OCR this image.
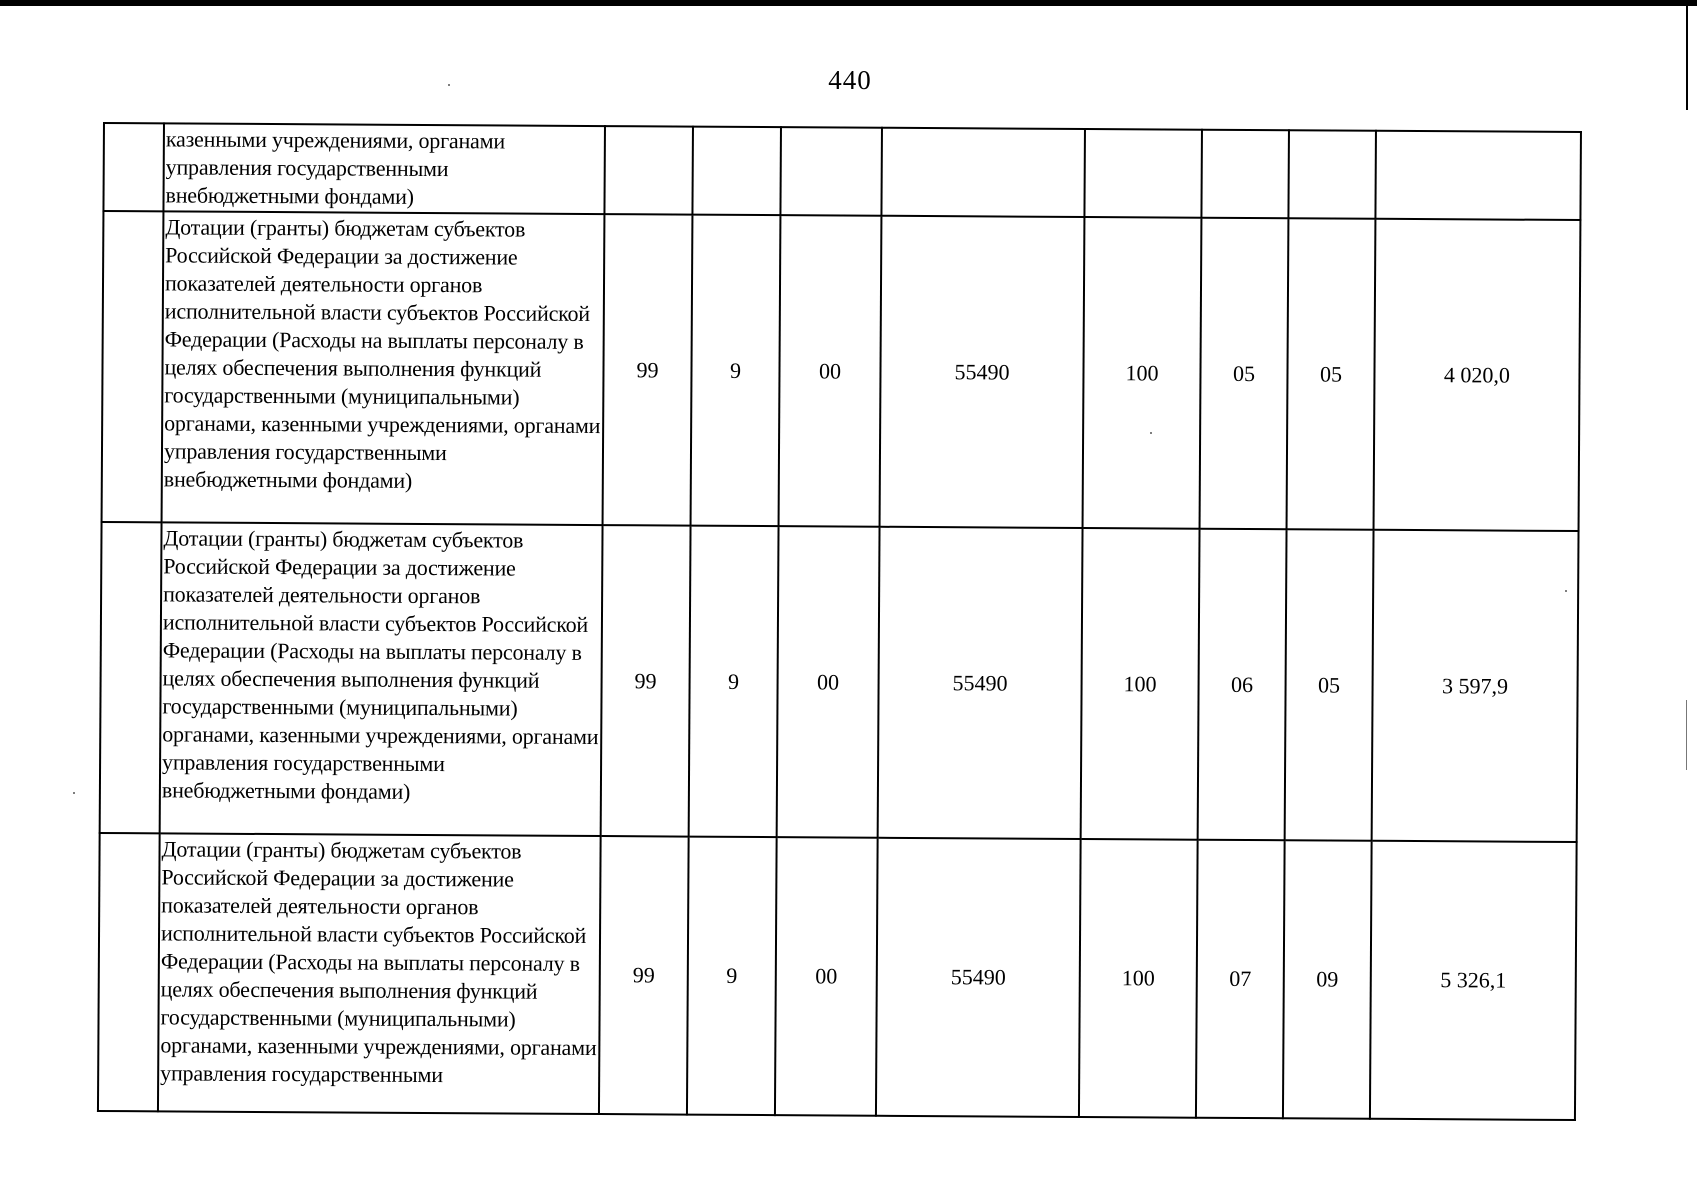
440
	казенными учреждениями, органами управления государственными внебюджетными фондами)								
	Дотации (гранты) бюджетам субъектов Российской Федерации за достижение показателей деятельности органов исполнительной власти субъектов Российской Федерации (Расходы на выплаты персоналу в целях обеспечения выполнения функций государственными (муниципальными) органами, казенными учреждениями, органами управления государственными внебюджетными фондами)	99	9	00	55490	100	05	05	4 020,0
	Дотации (гранты) бюджетам субъектов Российской Федерации за достижение показателей деятельности органов исполнительной власти субъектов Российской Федерации (Расходы на выплаты персоналу в целях обеспечения выполнения функций государственными (муниципальными) органами, казенными учреждениями, органами управления государственными внебюджетными фондами)	99	9	00	55490	100	06	05	3 597,9
	Дотации (гранты) бюджетам субъектов Российской Федерации за достижение показателей деятельности органов исполнительной власти субъектов Российской Федерации (Расходы на выплаты персоналу в целях обеспечения выполнения функций государственными (муниципальными) органами, казенными учреждениями, органами управления государственными	99	9	00	55490	100	07	09	5 326,1
